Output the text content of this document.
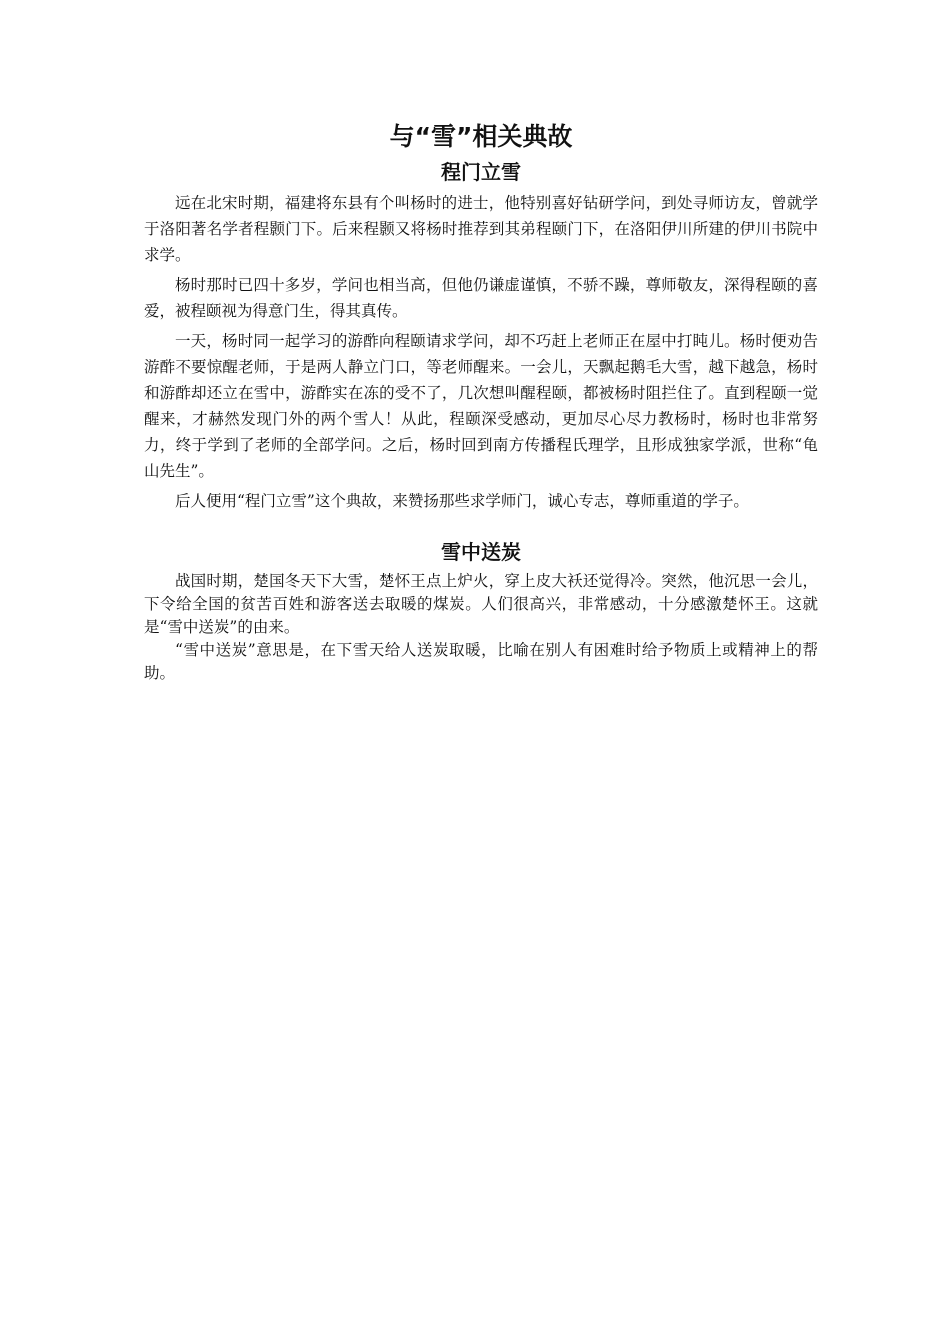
与“雪”相关典故
程门立雪

远在北宋时期，福建将东县有个叫杨时的进士，他特别喜好钻研学问，到处寻师访友，曾就学于洛阳著名学者程颢门下。后来程颢又将杨时推荐到其弟程颐门下，在洛阳伊川所建的伊川书院中求学。

杨时那时已四十多岁，学问也相当高，但他仍谦虚谨慎，不骄不躁，尊师敬友，深得程颐的喜爱，被程颐视为得意门生，得其真传。

一天，杨时同一起学习的游酢向程颐请求学问，却不巧赶上老师正在屋中打盹儿。杨时便劝告游酢不要惊醒老师，于是两人静立门口，等老师醒来。一会儿，天飘起鹅毛大雪，越下越急，杨时和游酢却还立在雪中，游酢实在冻的受不了，几次想叫醒程颐，都被杨时阻拦住了。直到程颐一觉醒来，才赫然发现门外的两个雪人！从此，程颐深受感动，更加尽心尽力教杨时，杨时也非常努力，终于学到了老师的全部学问。之后，杨时回到南方传播程氏理学，且形成独家学派，世称“龟山先生”。

后人便用“程门立雪”这个典故，来赞扬那些求学师门，诚心专志，尊师重道的学子。

雪中送炭

战国时期，楚国冬天下大雪，楚怀王点上炉火，穿上皮大袄还觉得冷。突然，他沉思一会儿，下令给全国的贫苦百姓和游客送去取暖的煤炭。人们很高兴，非常感动，十分感激楚怀王。这就是“雪中送炭”的由来。

“雪中送炭”意思是，在下雪天给人送炭取暖，比喻在别人有困难时给予物质上或精神上的帮助。
